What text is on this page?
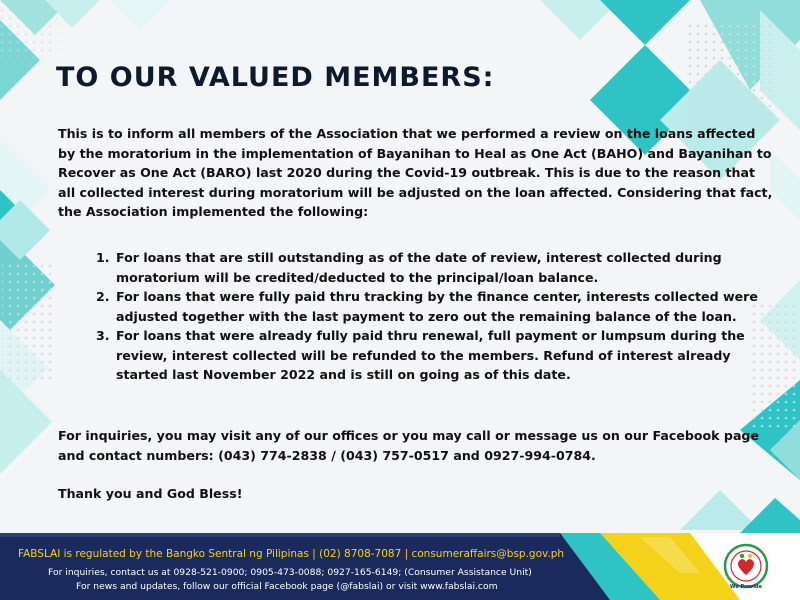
TO OUR VALUED MEMBERS:
This is to inform all members of the Association that we performed a review on the loans affected by the moratorium in the implementation of Bayanihan to Heal as One Act (BAHO) and Bayanihan to Recover as One Act (BARO) last 2020 during the Covid-19 outbreak. This is due to the reason that all collected interest during moratorium will be adjusted on the loan affected. Considering that fact, the Association implemented the following:
1. For loans that are still outstanding as of the date of review, interest collected during moratorium will be credited/deducted to the principal/loan balance.
2. For loans that were fully paid thru tracking by the finance center, interests collected were adjusted together with the last payment to zero out the remaining balance of the loan.
3. For loans that were already fully paid thru renewal, full payment or lumpsum during the review, interest collected will be refunded to the members. Refund of interest already started last November 2022 and is still on going as of this date.
For inquiries, you may visit any of our offices or you may call or message us on our Facebook page and contact numbers: (043) 774-2838 / (043) 757-0517 and 0927-994-0784.
Thank you and God Bless!
FABSLAI is regulated by the Bangko Sentral ng Pilipinas | (02) 8708-7087 | consumeraffairs@bsp.gov.ph
For inquiries, contact us at 0928-521-0900; 0905-473-0088; 0927-165-6149; (Consumer Assistance Unit)
For news and updates, follow our official Facebook page (@fabslai) or visit www.fabslai.com	We Provide
